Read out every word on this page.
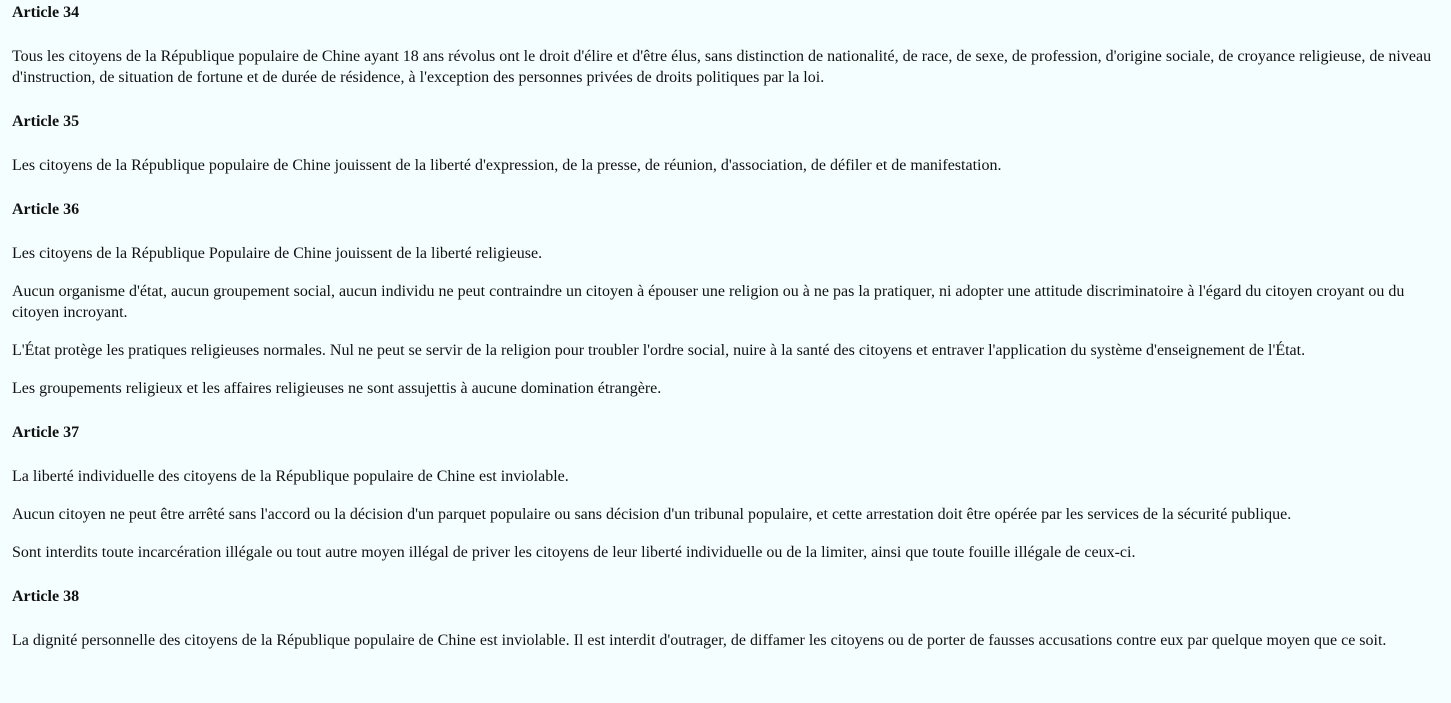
Article 34

Tous les citoyens de la République populaire de Chine ayant 18 ans révolus ont le droit d'élire et d'être élus, sans distinction de nationalité, de race, de sexe, de profession, d'origine sociale, de croyance religieuse, de niveau d'instruction, de situation de fortune et de durée de résidence, à l'exception des personnes privées de droits politiques par la loi.

Article 35

Les citoyens de la République populaire de Chine jouissent de la liberté d'expression, de la presse, de réunion, d'association, de défiler et de manifestation.

Article 36

Les citoyens de la République Populaire de Chine jouissent de la liberté religieuse.

Aucun organisme d'état, aucun groupement social, aucun individu ne peut contraindre un citoyen à épouser une religion ou à ne pas la pratiquer, ni adopter une attitude discriminatoire à l'égard du citoyen croyant ou du citoyen incroyant.

L'État protège les pratiques religieuses normales. Nul ne peut se servir de la religion pour troubler l'ordre social, nuire à la santé des citoyens et entraver l'application du système d'enseignement de l'État.

Les groupements religieux et les affaires religieuses ne sont assujettis à aucune domination étrangère.

Article 37

La liberté individuelle des citoyens de la République populaire de Chine est inviolable.

Aucun citoyen ne peut être arrêté sans l'accord ou la décision d'un parquet populaire ou sans décision d'un tribunal populaire, et cette arrestation doit être opérée par les services de la sécurité publique.

Sont interdits toute incarcération illégale ou tout autre moyen illégal de priver les citoyens de leur liberté individuelle ou de la limiter, ainsi que toute fouille illégale de ceux-ci.

Article 38

La dignité personnelle des citoyens de la République populaire de Chine est inviolable. Il est interdit d'outrager, de diffamer les citoyens ou de porter de fausses accusations contre eux par quelque moyen que ce soit.
